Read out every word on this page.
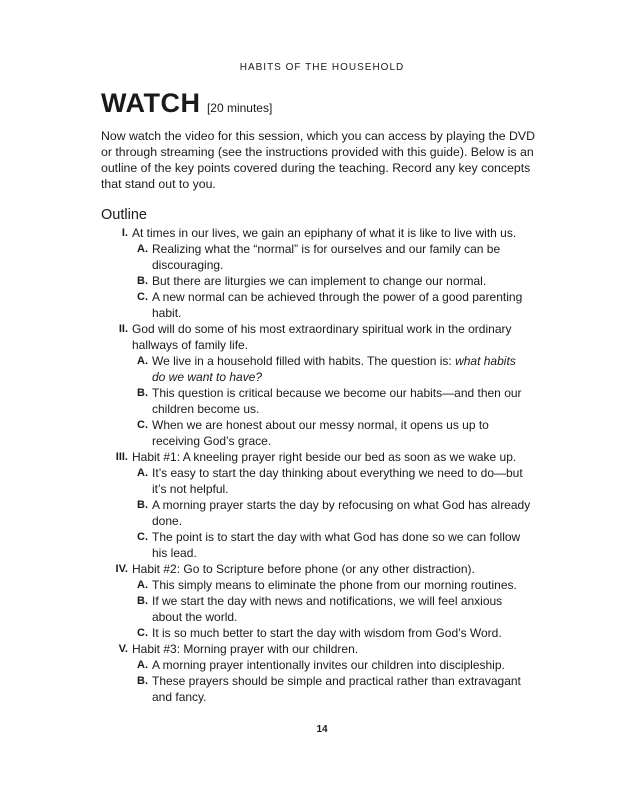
HABITS OF THE HOUSEHOLD
WATCH [20 minutes]

Now watch the video for this session, which you can access by playing the DVD or through streaming (see the instructions provided with this guide). Below is an outline of the key points covered during the teaching. Record any key concepts that stand out to you.

Outline
I. At times in our lives, we gain an epiphany of what it is like to live with us.
A. Realizing what the “normal” is for ourselves and our family can be discouraging.
B. But there are liturgies we can implement to change our normal.
C. A new normal can be achieved through the power of a good parenting habit.
II. God will do some of his most extraordinary spiritual work in the ordinary hallways of family life.
A. We live in a household filled with habits. The question is: what habits do we want to have?
B. This question is critical because we become our habits—and then our children become us.
C. When we are honest about our messy normal, it opens us up to receiving God’s grace.
III. Habit #1: A kneeling prayer right beside our bed as soon as we wake up.
A. It’s easy to start the day thinking about everything we need to do—but it’s not helpful.
B. A morning prayer starts the day by refocusing on what God has already done.
C. The point is to start the day with what God has done so we can follow his lead.
IV. Habit #2: Go to Scripture before phone (or any other distraction).
A. This simply means to eliminate the phone from our morning routines.
B. If we start the day with news and notifications, we will feel anxious about the world.
C. It is so much better to start the day with wisdom from God’s Word.
V. Habit #3: Morning prayer with our children.
A. A morning prayer intentionally invites our children into discipleship.
B. These prayers should be simple and practical rather than extravagant and fancy.
14
